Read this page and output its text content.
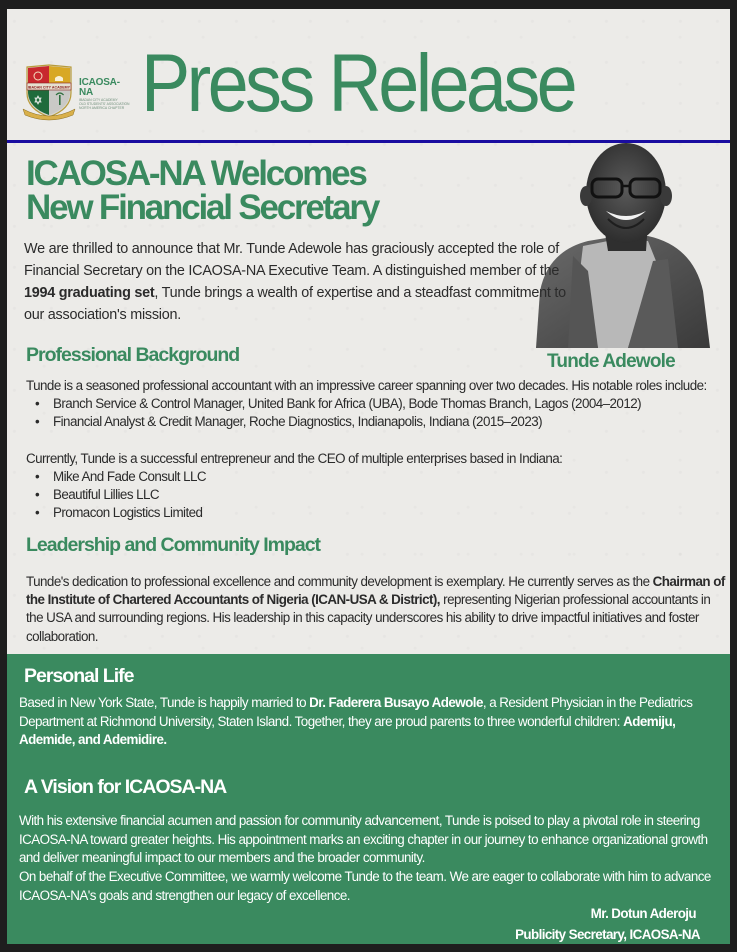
IBADAN CITY ACADEMY ICAOSA-NA
IBADAN CITY ACADEMY
OLD STUDENTS' ASSOCIATION
NORTH AMERICA CHAPTER Press Release
ICAOSA-NA Welcomes
New Financial Secretary
Tunde Adewole

We are thrilled to announce that Mr. Tunde Adewole has graciously accepted the role of Financial Secretary on the ICAOSA-NA Executive Team. A distinguished member of the 1994 graduating set, Tunde brings a wealth of expertise and a steadfast commitment to our association's mission.

Professional Background

Tunde is a seasoned professional accountant with an impressive career spanning over two decades. His notable roles include:

• Branch Service & Control Manager, United Bank for Africa (UBA), Bode Thomas Branch, Lagos (2004–2012)
• Financial Analyst & Credit Manager, Roche Diagnostics, Indianapolis, Indiana (2015–2023)

Currently, Tunde is a successful entrepreneur and the CEO of multiple enterprises based in Indiana:

• Mike And Fade Consult LLC
• Beautiful Lillies LLC
• Promacon Logistics Limited
Leadership and Community Impact

Tunde's dedication to professional excellence and community development is exemplary. He currently serves as the Chairman of the Institute of Chartered Accountants of Nigeria (ICAN-USA & District), representing Nigerian professional accountants in the USA and surrounding regions. His leadership in this capacity underscores his ability to drive impactful initiatives and foster collaboration.

Personal Life

Based in New York State, Tunde is happily married to Dr. Faderera Busayo Adewole, a Resident Physician in the Pediatrics Department at Richmond University, Staten Island. Together, they are proud parents to three wonderful children: Ademiju, Ademide, and Ademidire.

A Vision for ICAOSA-NA

With his extensive financial acumen and passion for community advancement, Tunde is poised to play a pivotal role in steering ICAOSA-NA toward greater heights. His appointment marks an exciting chapter in our journey to enhance organizational growth and deliver meaningful impact to our members and the broader community.

On behalf of the Executive Committee, we warmly welcome Tunde to the team. We are eager to collaborate with him to advance ICAOSA-NA's goals and strengthen our legacy of excellence.

Mr. Dotun Aderoju
Publicity Secretary, ICAOSA-NA
